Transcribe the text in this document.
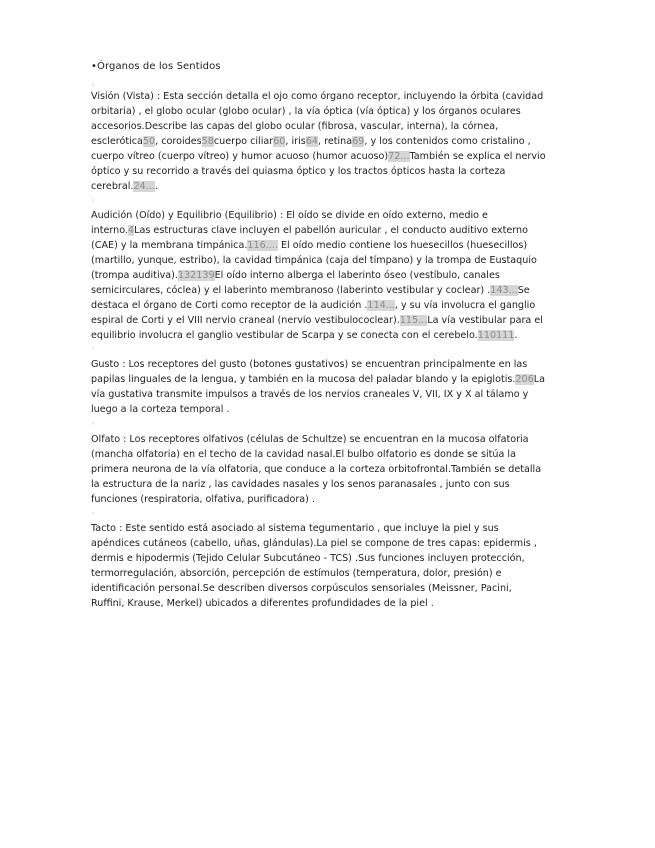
•Órganos de los Sentidos
◦

Visión (Vista) : Esta sección detalla el ojo como órgano receptor, incluyendo la órbita (cavidad

orbitaria) , el globo ocular (globo ocular) , la vía óptica (vía óptica) y los órganos oculares

accesorios.Describe las capas del globo ocular (fibrosa, vascular, interna), la córnea,

esclerótica50, coroides58cuerpo ciliar60, iris64, retina69, y los contenidos como cristalino ,

cuerpo vítreo (cuerpo vítreo) y humor acuoso (humor acuoso)72...También se explica el nervio

óptico y su recorrido a través del quiasma óptico y los tractos ópticos hasta la corteza

cerebral.24....

◦

Audición (Oído) y Equilibrio (Equilibrio) : El oído se divide en oído externo, medio e

interno.4Las estructuras clave incluyen el pabellón auricular , el conducto auditivo externo

(CAE) y la membrana timpánica.116.... El oído medio contiene los huesecillos (huesecillos)

(martillo, yunque, estribo), la cavidad timpánica (caja del tímpano) y la trompa de Eustaquio

(trompa auditiva).132139El oído interno alberga el laberinto óseo (vestíbulo, canales

semicirculares, cóclea) y el laberinto membranoso (laberinto vestibular y coclear) .143...Se

destaca el órgano de Corti como receptor de la audición .114..., y su vía involucra el ganglio

espiral de Corti y el VIII nervio craneal (nervio vestibulococlear).115...La vía vestibular para el

equilibrio involucra el ganglio vestibular de Scarpa y se conecta con el cerebelo.110111.

◦

Gusto : Los receptores del gusto (botones gustativos) se encuentran principalmente en las

papilas linguales de la lengua, y también en la mucosa del paladar blando y la epiglotis.206La

vía gustativa transmite impulsos a través de los nervios craneales V, VII, IX y X al tálamo y

luego a la corteza temporal .

◦

Olfato : Los receptores olfativos (células de Schultze) se encuentran en la mucosa olfatoria

(mancha olfatoria) en el techo de la cavidad nasal.El bulbo olfatorio es donde se sitúa la

primera neurona de la vía olfatoria, que conduce a la corteza orbitofrontal.También se detalla

la estructura de la nariz , las cavidades nasales y los senos paranasales , junto con sus

funciones (respiratoria, olfativa, purificadora) .

◦

Tacto : Este sentido está asociado al sistema tegumentario , que incluye la piel y sus

apéndices cutáneos (cabello, uñas, glándulas).La piel se compone de tres capas: epidermis ,

dermis e hipodermis (Tejido Celular Subcutáneo - TCS) .Sus funciones incluyen protección,

termorregulación, absorción, percepción de estímulos (temperatura, dolor, presión) e

identificación personal.Se describen diversos corpúsculos sensoriales (Meissner, Pacini,

Ruffini, Krause, Merkel) ubicados a diferentes profundidades de la piel .
